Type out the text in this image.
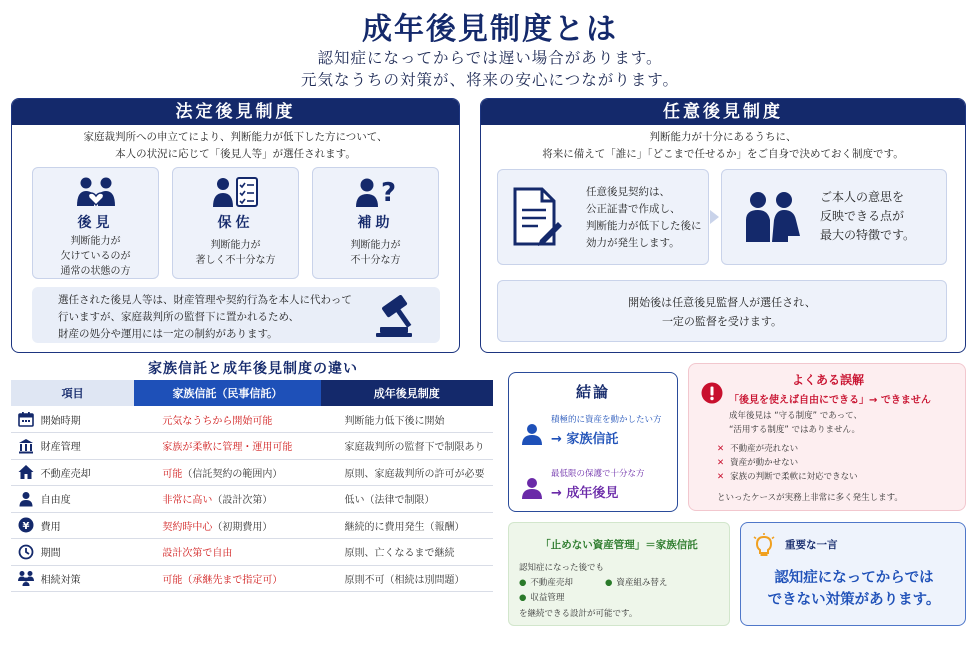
成年後見制度とは
認知症になってからでは遅い場合があります。
元気なうちの対策が、将来の安心につながります。
法定後見制度
家庭裁判所への申立てにより、判断能力が低下した方について、
本人の状況に応じて「後見人等」が選任されます。
後見
判断能力が
欠けているのが
通常の状態の方
保佐
判断能力が
著しく不十分な方
?
補助
判断能力が
不十分な方
選任された後見人等は、財産管理や契約行為を本人に代わって
行いますが、家庭裁判所の監督下に置かれるため、
財産の処分や運用には一定の制約があります。
任意後見制度
判断能力が十分にあるうちに、
将来に備えて「誰に」「どこまで任せるか」をご自身で決めておく制度です。
任意後見契約は、
公正証書で作成し、
判断能力が低下した後に
効力が発生します。
ご本人の意思を
反映できる点が
最大の特徴です。
開始後は任意後見監督人が選任され、
一定の監督を受けます。
家族信託と成年後見制度の違い
項目		家族信託（民事信託）	成年後見制度
	開始時期	元気なうちから開始可能	判断能力低下後に開始
	財産管理	家族が柔軟に管理・運用可能	家庭裁判所の監督下で制限あり
	不動産売却	可能（信託契約の範囲内）	原則、家庭裁判所の許可が必要
	自由度	非常に高い（設計次第）	低い（法律で制限）

¥	費用	契約時中心（初期費用）	継続的に費用発生（報酬）
	期間	設計次第で自由	原則、亡くなるまで継続
	相続対策	可能（承継先まで指定可）	原則不可（相続は別問題）
結論
積極的に資産を動かしたい方
→ 家族信託
最低限の保護で十分な方
→ 成年後見
よくある誤解
「後見を使えば自由にできる」→ できません
成年後見は “守る制度” であって、
“活用する制度” ではありません。
✕ 不動産が売れない
✕ 資産が動かせない
✕ 家族の判断で柔軟に対応できない
といったケースが実務上非常に多く発生します。
「止めない資産管理」＝家族信託
認知症になった後でも
● 不動産売却	● 資産組み替え
● 収益管理
を継続できる設計が可能です。
重要な一言
認知症になってからでは
できない対策があります。
